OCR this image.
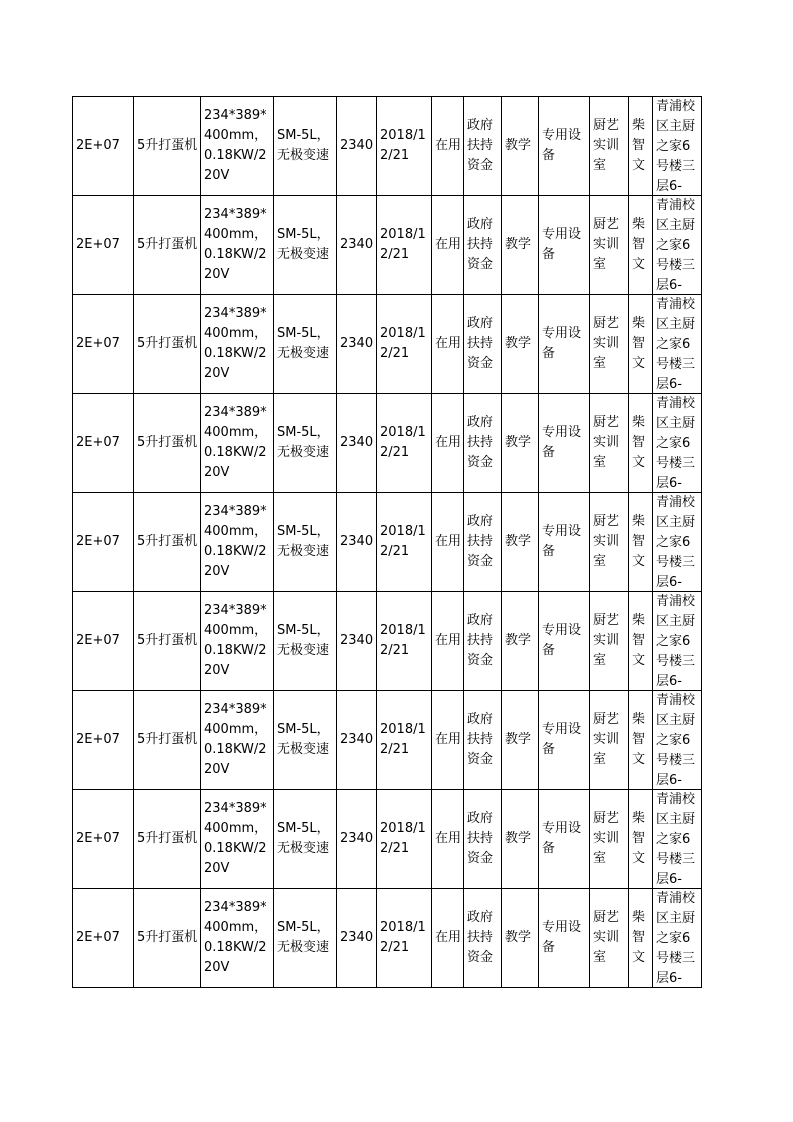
2E+07	5升打蛋机	234*389*400mm，0.18KW/220V	SM-5L，无极变速	2340	2018/12/21	在用	政府扶持资金	教学	专用设备	厨艺实训室	柴智文	青浦校区主厨之家6号楼三层6-

2E+07	5升打蛋机	234*389*400mm，0.18KW/220V	SM-5L，无极变速	2340	2018/12/21	在用	政府扶持资金	教学	专用设备	厨艺实训室	柴智文	青浦校区主厨之家6号楼三层6-

2E+07	5升打蛋机	234*389*400mm，0.18KW/220V	SM-5L，无极变速	2340	2018/12/21	在用	政府扶持资金	教学	专用设备	厨艺实训室	柴智文	青浦校区主厨之家6号楼三层6-

2E+07	5升打蛋机	234*389*400mm，0.18KW/220V	SM-5L，无极变速	2340	2018/12/21	在用	政府扶持资金	教学	专用设备	厨艺实训室	柴智文	青浦校区主厨之家6号楼三层6-

2E+07	5升打蛋机	234*389*400mm，0.18KW/220V	SM-5L，无极变速	2340	2018/12/21	在用	政府扶持资金	教学	专用设备	厨艺实训室	柴智文	青浦校区主厨之家6号楼三层6-

2E+07	5升打蛋机	234*389*400mm，0.18KW/220V	SM-5L，无极变速	2340	2018/12/21	在用	政府扶持资金	教学	专用设备	厨艺实训室	柴智文	青浦校区主厨之家6号楼三层6-

2E+07	5升打蛋机	234*389*400mm，0.18KW/220V	SM-5L，无极变速	2340	2018/12/21	在用	政府扶持资金	教学	专用设备	厨艺实训室	柴智文	青浦校区主厨之家6号楼三层6-

2E+07	5升打蛋机	234*389*400mm，0.18KW/220V	SM-5L，无极变速	2340	2018/12/21	在用	政府扶持资金	教学	专用设备	厨艺实训室	柴智文	青浦校区主厨之家6号楼三层6-

2E+07	5升打蛋机	234*389*400mm，0.18KW/220V	SM-5L，无极变速	2340	2018/12/21	在用	政府扶持资金	教学	专用设备	厨艺实训室	柴智文	青浦校区主厨之家6号楼三层6-
